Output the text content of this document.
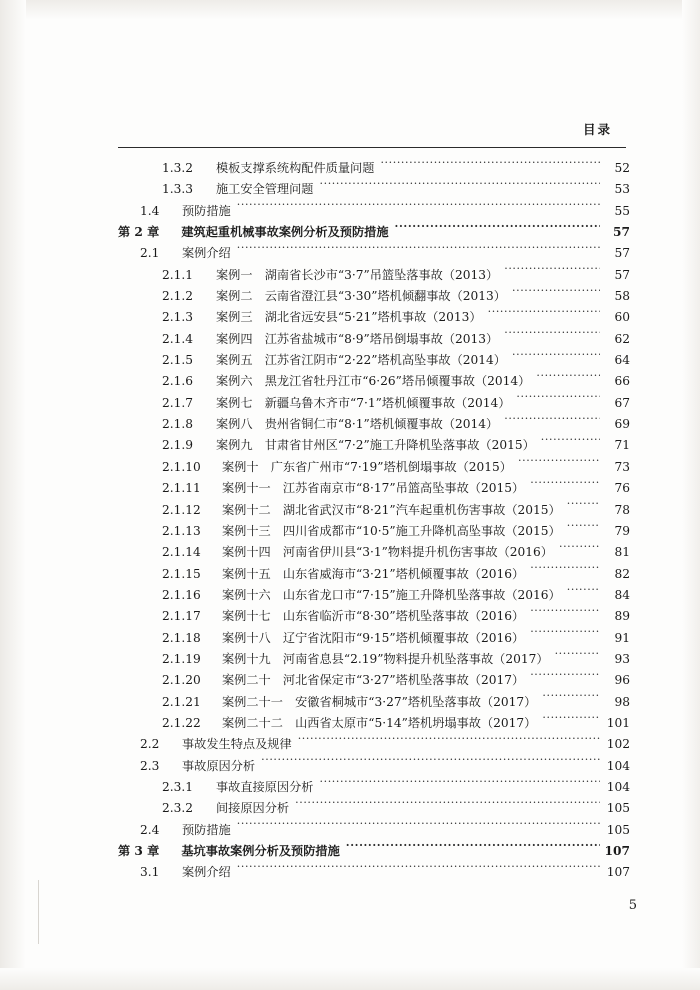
目录
1.3.2	模板支撑系统构配件质量问题 ·····	52
1.3.3	施工安全管理问题 ·····	53
1.4	预防措施 ·····	55
第 2 章 建筑起重机械事故案例分析及预防措施 ·····	57
2.1	案例介绍 ·····	57
2.1.1	案例一　湖南省长沙市“3·7”吊篮坠落事故（2013） ·····	57
2.1.2	案例二　云南省澄江县“3·30”塔机倾翻事故（2013） ·····	58
2.1.3	案例三　湖北省远安县“5·21”塔机事故（2013） ·····	60
2.1.4	案例四　江苏省盐城市“8·9”塔吊倒塌事故（2013） ·····	62
2.1.5	案例五　江苏省江阴市“2·22”塔机高坠事故（2014） ·····	64
2.1.6	案例六　黑龙江省牡丹江市“6·26”塔吊倾覆事故（2014） ·····	66
2.1.7	案例七　新疆乌鲁木齐市“7·1”塔机倾覆事故（2014） ·····	67
2.1.8	案例八　贵州省铜仁市“8·1”塔机倾覆事故（2014） ·····	69
2.1.9	案例九　甘肃省甘州区“7·2”施工升降机坠落事故（2015） ·····	71
2.1.10	案例十　广东省广州市“7·19”塔机倒塌事故（2015） ·····	73
2.1.11	案例十一　江苏省南京市“8·17”吊篮高坠事故（2015） ·····	76
2.1.12	案例十二　湖北省武汉市“8·21”汽车起重机伤害事故（2015） ·····	78
2.1.13	案例十三　四川省成都市“10·5”施工升降机高坠事故（2015） ·····	79
2.1.14	案例十四　河南省伊川县“3·1”物料提升机伤害事故（2016） ·····	81
2.1.15	案例十五　山东省威海市“3·21”塔机倾覆事故（2016） ·····	82
2.1.16	案例十六　山东省龙口市“7·15”施工升降机坠落事故（2016） ·····	84
2.1.17	案例十七　山东省临沂市“8·30”塔机坠落事故（2016） ·····	89
2.1.18	案例十八　辽宁省沈阳市“9·15”塔机倾覆事故（2016） ·····	91
2.1.19	案例十九　河南省息县“2.19”物料提升机坠落事故（2017） ·····	93
2.1.20	案例二十　河北省保定市“3·27”塔机坠落事故（2017） ·····	96
2.1.21	案例二十一　安徽省桐城市“3·27”塔机坠落事故（2017） ·····	98
2.1.22	案例二十二　山西省太原市“5·14”塔机坍塌事故（2017） ·····	101
2.2	事故发生特点及规律 ·····	102
2.3	事故原因分析 ·····	104
2.3.1	事故直接原因分析 ·····	104
2.3.2	间接原因分析 ·····	105
2.4	预防措施 ·····	105
第 3 章 基坑事故案例分析及预防措施 ·····	107
3.1	案例介绍 ·····	107
5
